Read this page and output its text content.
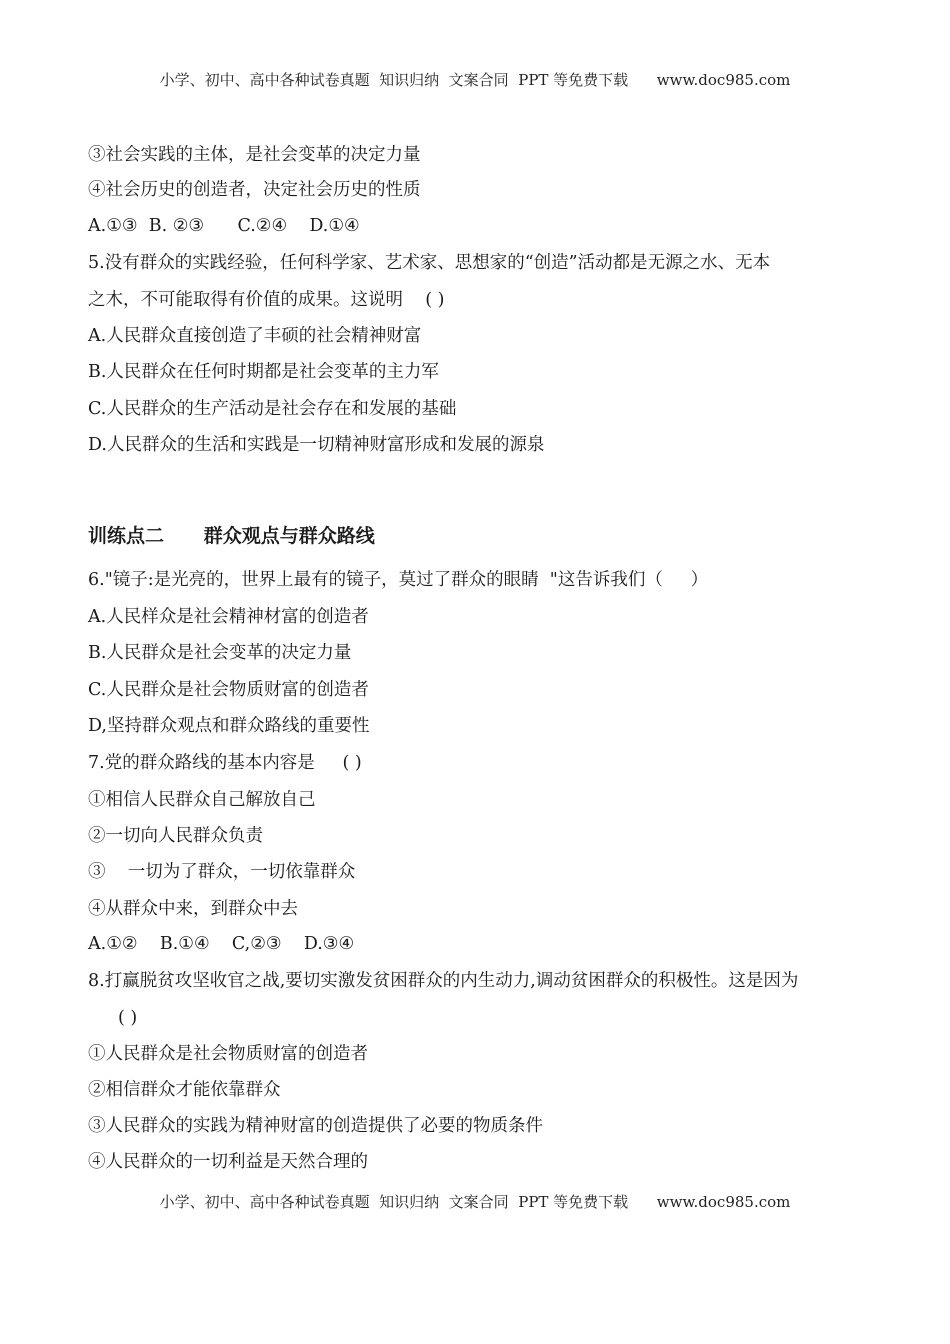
小学、初中、高中各种试卷真题  知识归纳  文案合同  PPT 等免费下载      www.doc985.com
③社会实践的主体，是社会变革的决定力量
④社会历史的创造者，决定社会历史的性质
A.①③  B. ②③      C.②④    D.①④
5.没有群众的实践经验，任何科学家、艺术家、思想家的“创造”活动都是无源之水、无本
之木，不可能取得有价值的成果。这说明    ( )
A.人民群众直接创造了丰硕的社会精神财富
B.人民群众在任何时期都是社会变革的主力军
C.人民群众的生产活动是社会存在和发展的基础
D.人民群众的生活和实践是一切精神财富形成和发展的源泉
训练点二      群众观点与群众路线
6."镜子:是光亮的，世界上最有的镜子，莫过了群众的眼睛  "这告诉我们（     ）
A.人民样众是社会精神材富的创造者
B.人民群众是社会变革的决定力量
C.人民群众是社会物质财富的创造者
D,坚持群众观点和群众路线的重要性
7.党的群众路线的基本内容是     ( )
①相信人民群众自己解放自己
②一切向人民群众负责
③    一切为了群众，一切依靠群众
④从群众中来，到群众中去
A.①②    B.①④    C,②③    D.③④
8.打赢脱贫攻坚收官之战,要切实激发贫困群众的内生动力,调动贫困群众的积极性。这是因为
( )
①人民群众是社会物质财富的创造者
②相信群众才能依靠群众
③人民群众的实践为精神财富的创造提供了必要的物质条件
④人民群众的一切利益是天然合理的
小学、初中、高中各种试卷真题  知识归纳  文案合同  PPT 等免费下载      www.doc985.com
